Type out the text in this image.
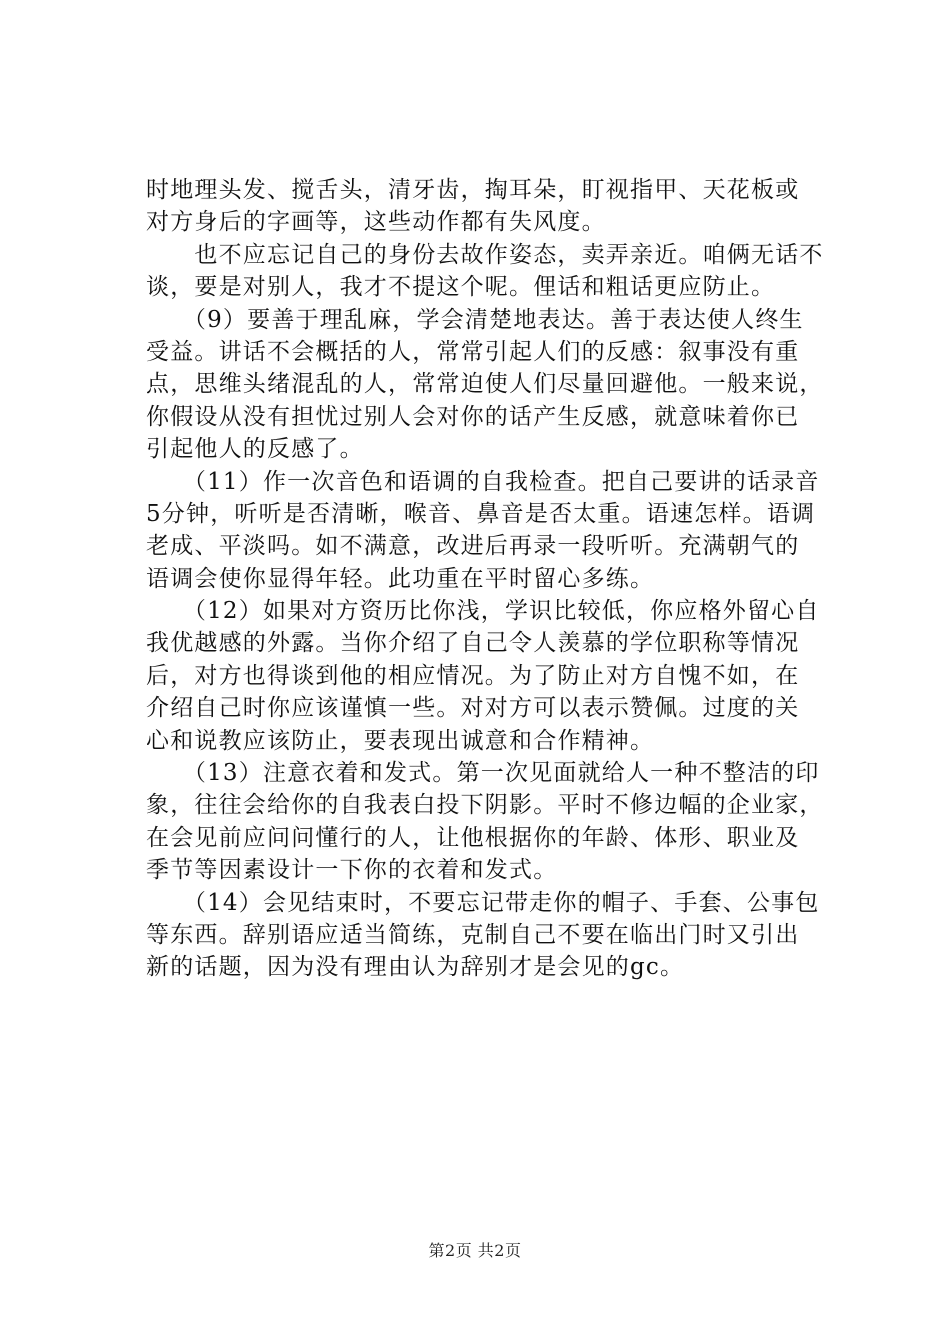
时地理头发、搅舌头，清牙齿，掏耳朵，盯视指甲、天花板或
对方身后的字画等，这些动作都有失风度。
　　也不应忘记自己的身份去故作姿态，卖弄亲近。咱俩无话不
谈，要是对别人，我才不提这个呢。俚话和粗话更应防止。
　　（9）要善于理乱麻，学会清楚地表达。善于表达使人终生
受益。讲话不会概括的人，常常引起人们的反感：叙事没有重
点，思维头绪混乱的人，常常迫使人们尽量回避他。一般来说，
你假设从没有担忧过别人会对你的话产生反感，就意味着你已
引起他人的反感了。
　　（11）作一次音色和语调的自我检查。把自己要讲的话录音
5分钟，听听是否清晰，喉音、鼻音是否太重。语速怎样。语调
老成、平淡吗。如不满意，改进后再录一段听听。充满朝气的
语调会使你显得年轻。此功重在平时留心多练。
　　（12）如果对方资历比你浅，学识比较低，你应格外留心自
我优越感的外露。当你介绍了自己令人羡慕的学位职称等情况
后，对方也得谈到他的相应情况。为了防止对方自愧不如，在
介绍自己时你应该谨慎一些。对对方可以表示赞佩。过度的关
心和说教应该防止，要表现出诚意和合作精神。
　　（13）注意衣着和发式。第一次见面就给人一种不整洁的印
象，往往会给你的自我表白投下阴影。平时不修边幅的企业家，
在会见前应问问懂行的人，让他根据你的年龄、体形、职业及
季节等因素设计一下你的衣着和发式。
　　（14）会见结束时，不要忘记带走你的帽子、手套、公事包
等东西。辞别语应适当简练，克制自己不要在临出门时又引出
新的话题，因为没有理由认为辞别才是会见的gc。
第2页 共2页
